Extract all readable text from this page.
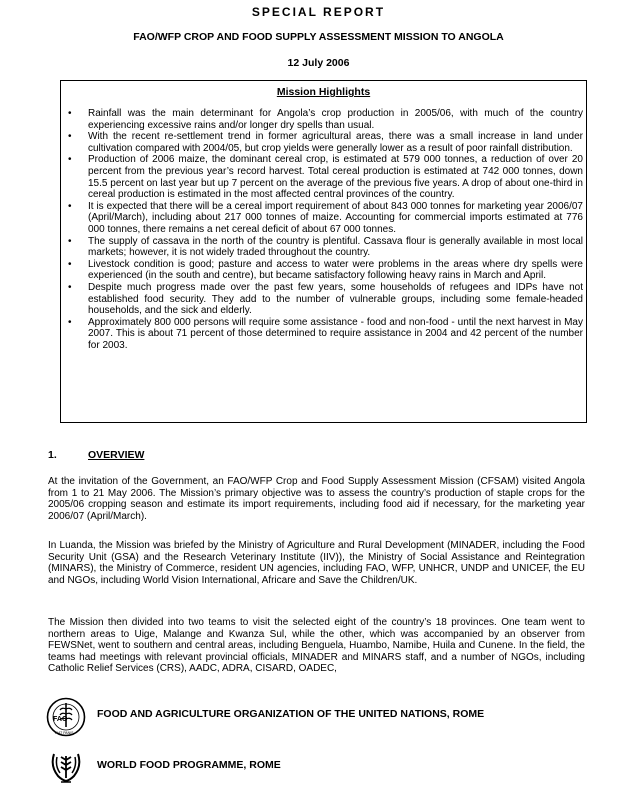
SPECIAL REPORT
FAO/WFP CROP AND FOOD SUPPLY ASSESSMENT MISSION TO ANGOLA
12 July 2006
Mission Highlights
• Rainfall was the main determinant for Angola’s crop production in 2005/06, with much of the country experiencing excessive rains and/or longer dry spells than usual.
• With the recent re-settlement trend in former agricultural areas, there was a small increase in land under cultivation compared with 2004/05, but crop yields were generally lower as a result of poor rainfall distribution.
• Production of 2006 maize, the dominant cereal crop, is estimated at 579 000 tonnes, a reduction of over 20 percent from the previous year’s record harvest. Total cereal production is estimated at 742 000 tonnes, down 15.5 percent on last year but up 7 percent on the average of the previous five years. A drop of about one-third in cereal production is estimated in the most affected central provinces of the country.
• It is expected that there will be a cereal import requirement of about 843 000 tonnes for marketing year 2006/07 (April/March), including about 217 000 tonnes of maize. Accounting for commercial imports estimated at 776 000 tonnes, there remains a net cereal deficit of about 67 000 tonnes.
• The supply of cassava in the north of the country is plentiful. Cassava flour is generally available in most local markets; however, it is not widely traded throughout the country.
• Livestock condition is good; pasture and access to water were problems in the areas where dry spells were experienced (in the south and centre), but became satisfactory following heavy rains in March and April.
• Despite much progress made over the past few years, some households of refugees and IDPs have not established food security. They add to the number of vulnerable groups, including some female-headed households, and the sick and elderly.
• Approximately 800 000 persons will require some assistance - food and non-food - until the next harvest in May 2007. This is about 71 percent of those determined to require assistance in 2004 and 42 percent of the number for 2003.
1.	OVERVIEW

At the invitation of the Government, an FAO/WFP Crop and Food Supply Assessment Mission (CFSAM) visited Angola from 1 to 21 May 2006. The Mission’s primary objective was to assess the country’s production of staple crops for the 2005/06 cropping season and estimate its import requirements, including food aid if necessary, for the marketing year 2006/07 (April/March).

In Luanda, the Mission was briefed by the Ministry of Agriculture and Rural Development (MINADER, including the Food Security Unit (GSA) and the Research Veterinary Institute (IIV)), the Ministry of Social Assistance and Reintegration (MINARS), the Ministry of Commerce, resident UN agencies, including FAO, WFP, UNHCR, UNDP and UNICEF, the EU and NGOs, including World Vision International, Africare and Save the Children/UK.

The Mission then divided into two teams to visit the selected eight of the country’s 18 provinces. One team went to northern areas to Uige, Malange and Kwanza Sul, while the other, which was accompanied by an observer from FEWSNet, went to southern and central areas, including Benguela, Huambo, Namibe, Huila and Cunene. In the field, the teams had meetings with relevant provincial officials, MINADER and MINARS staff, and a number of NGOs, including Catholic Relief Services (CRS), AADC, ADRA, CISARD, OADEC,

FAO
FIAT PANIS
FOOD AND AGRICULTURE ORGANIZATION OF THE UNITED NATIONS, ROME
WORLD FOOD PROGRAMME, ROME
